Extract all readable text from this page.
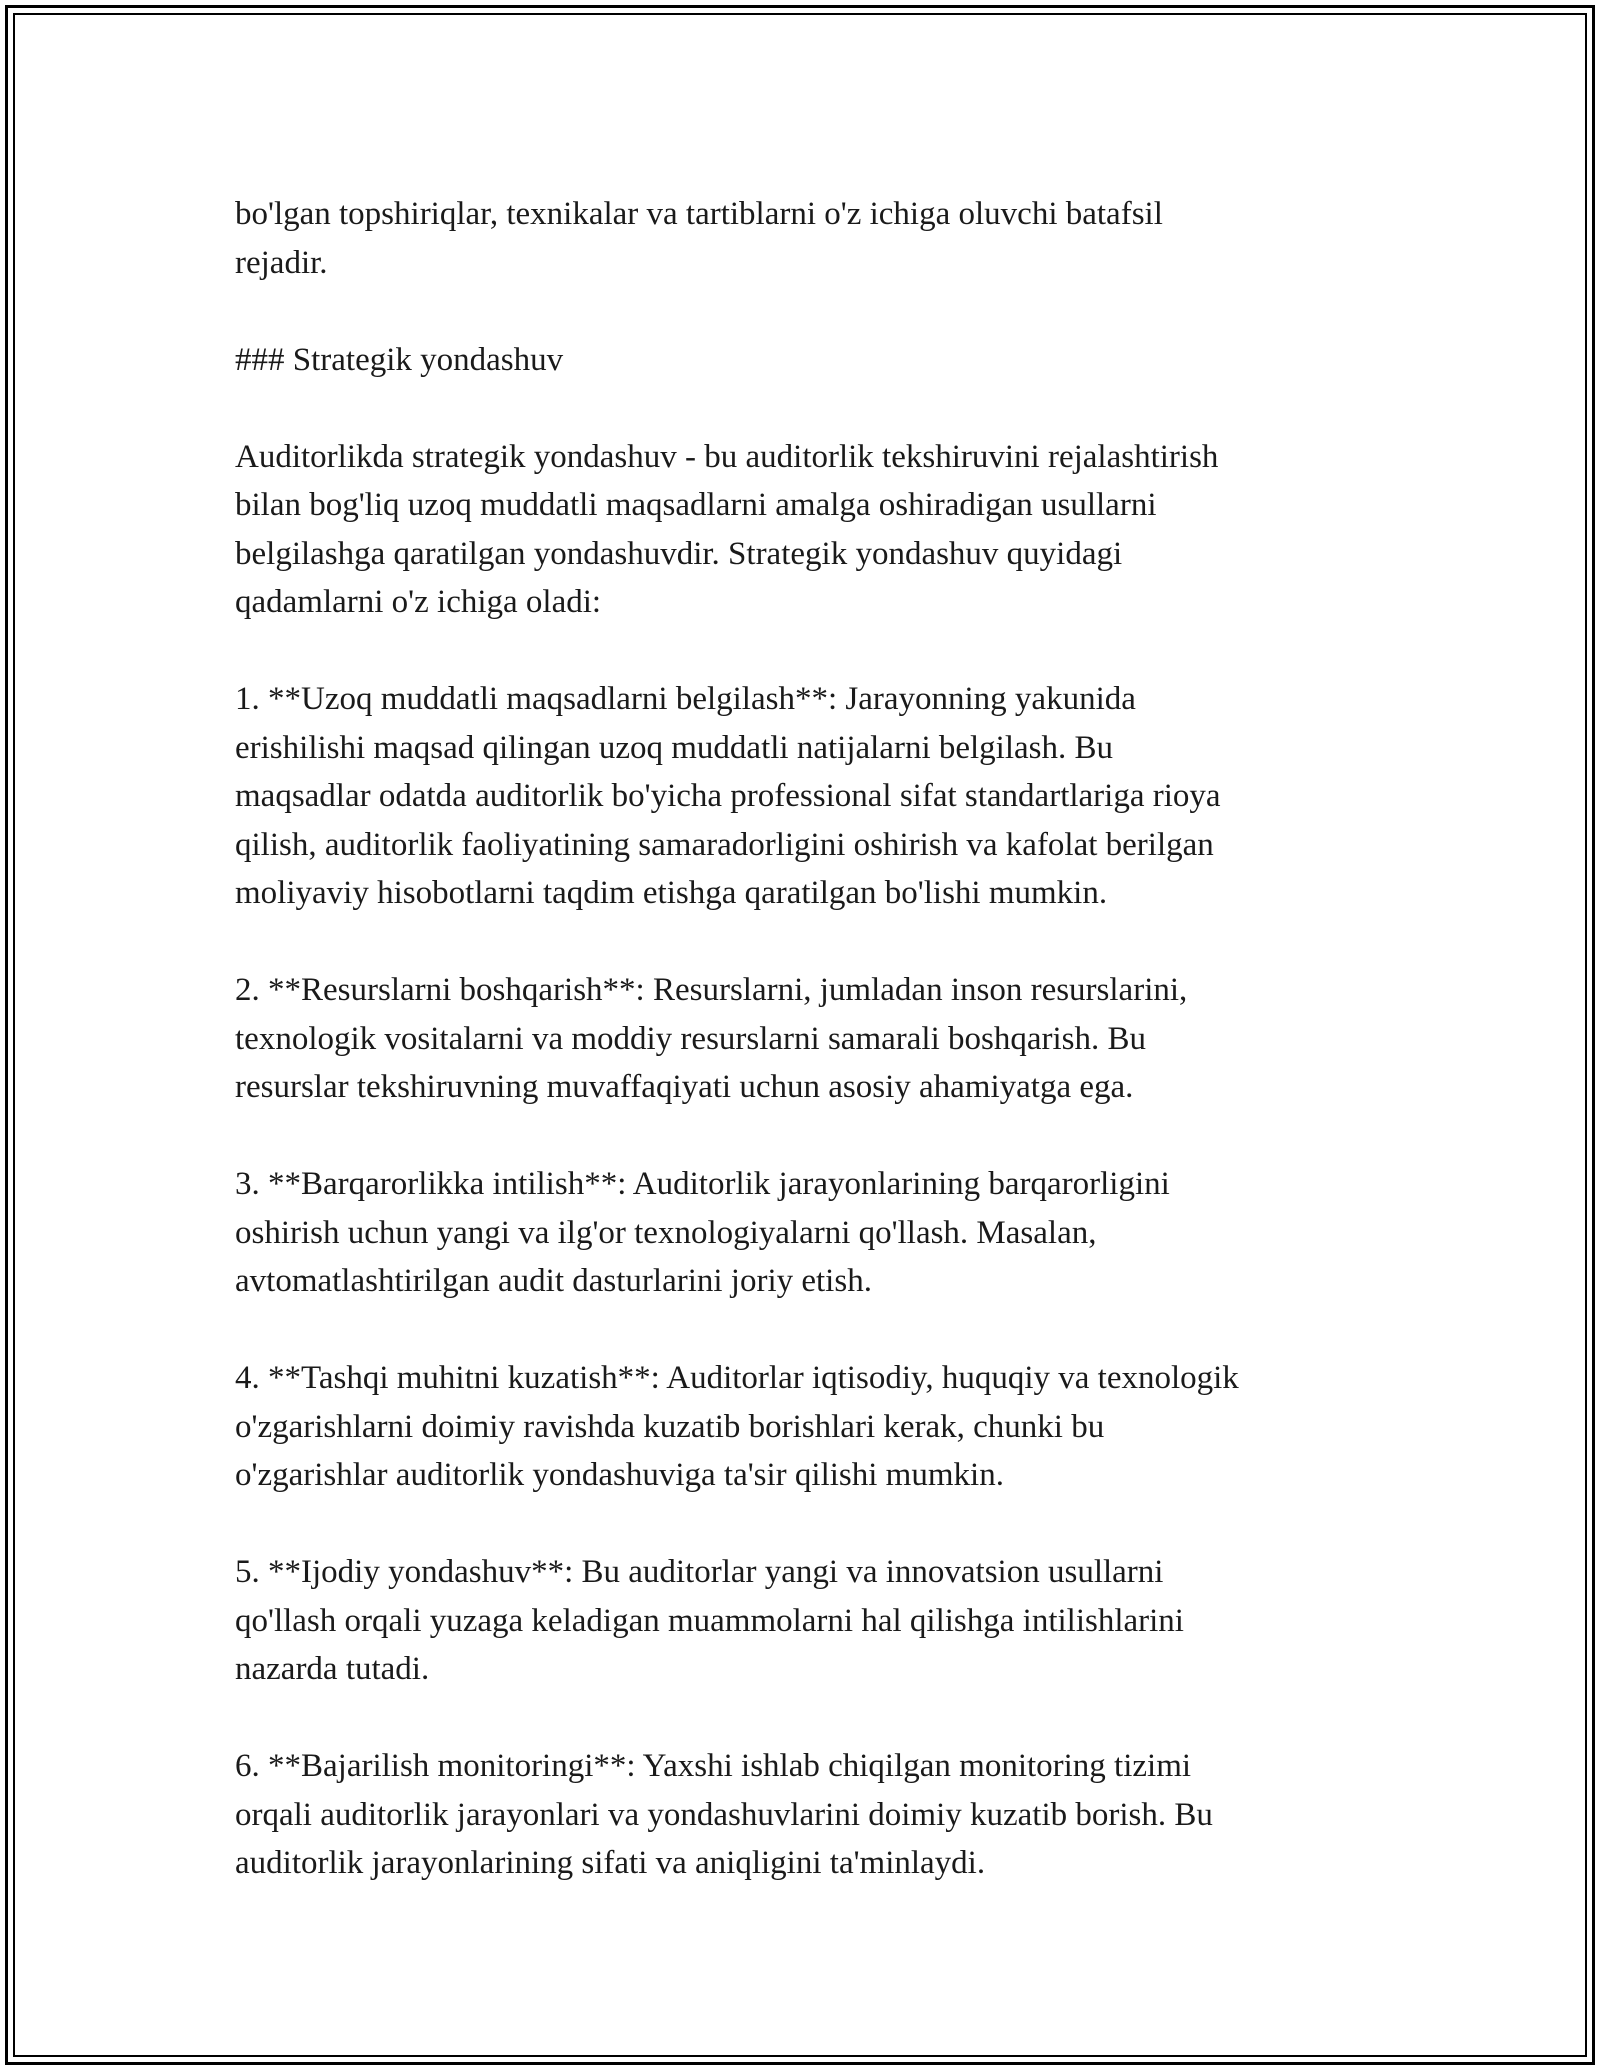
bo'lgan topshiriqlar, texnikalar va tartiblarni o'z ichiga oluvchi batafsil
rejadir.

### Strategik yondashuv

Auditorlikda strategik yondashuv - bu auditorlik tekshiruvini rejalashtirish
bilan bog'liq uzoq muddatli maqsadlarni amalga oshiradigan usullarni
belgilashga qaratilgan yondashuvdir. Strategik yondashuv quyidagi
qadamlarni o'z ichiga oladi:

1. **Uzoq muddatli maqsadlarni belgilash**: Jarayonning yakunida
erishilishi maqsad qilingan uzoq muddatli natijalarni belgilash. Bu
maqsadlar odatda auditorlik bo'yicha professional sifat standartlariga rioya
qilish, auditorlik faoliyatining samaradorligini oshirish va kafolat berilgan
moliyaviy hisobotlarni taqdim etishga qaratilgan bo'lishi mumkin.

2. **Resurslarni boshqarish**: Resurslarni, jumladan inson resurslarini,
texnologik vositalarni va moddiy resurslarni samarali boshqarish. Bu
resurslar tekshiruvning muvaffaqiyati uchun asosiy ahamiyatga ega.

3. **Barqarorlikka intilish**: Auditorlik jarayonlarining barqarorligini
oshirish uchun yangi va ilg'or texnologiyalarni qo'llash. Masalan,
avtomatlashtirilgan audit dasturlarini joriy etish.

4. **Tashqi muhitni kuzatish**: Auditorlar iqtisodiy, huquqiy va texnologik
o'zgarishlarni doimiy ravishda kuzatib borishlari kerak, chunki bu
o'zgarishlar auditorlik yondashuviga ta'sir qilishi mumkin.

5. **Ijodiy yondashuv**: Bu auditorlar yangi va innovatsion usullarni
qo'llash orqali yuzaga keladigan muammolarni hal qilishga intilishlarini
nazarda tutadi.

6. **Bajarilish monitoringi**: Yaxshi ishlab chiqilgan monitoring tizimi
orqali auditorlik jarayonlari va yondashuvlarini doimiy kuzatib borish. Bu
auditorlik jarayonlarining sifati va aniqligini ta'minlaydi.
